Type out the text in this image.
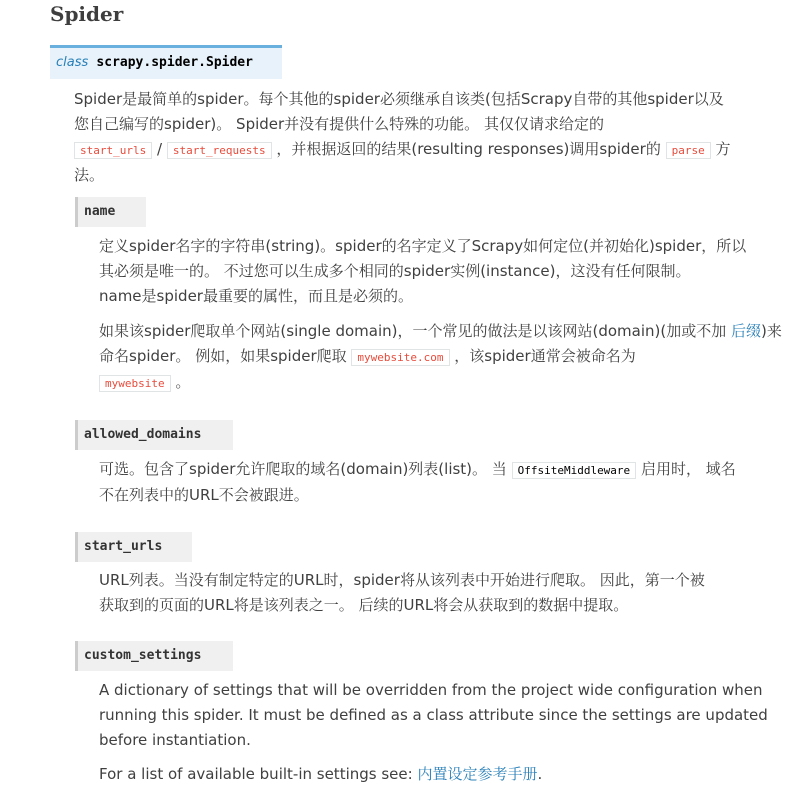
Spider
class scrapy.spider.Spider

Spider是最简单的spider。每个其他的spider必须继承自该类(包括Scrapy自带的其他spider以及
您自己编写的spider)。 Spider并没有提供什么特殊的功能。 其仅仅请求给定的
start_urls / start_requests ，并根据返回的结果(resulting responses)调用spider的 parse 方
法。

name

定义spider名字的字符串(string)。spider的名字定义了Scrapy如何定位(并初始化)spider，所以
其必须是唯一的。 不过您可以生成多个相同的spider实例(instance)，这没有任何限制。
name是spider最重要的属性，而且是必须的。

如果该spider爬取单个网站(single domain)，一个常见的做法是以该网站(domain)(加或不加 后缀)来命名spider。 例如，如果spider爬取 mywebsite.com ，该spider通常会被命名为
mywebsite 。

allowed_domains

可选。包含了spider允许爬取的域名(domain)列表(list)。 当 OffsiteMiddleware 启用时， 域名
不在列表中的URL不会被跟进。

start_urls

URL列表。当没有制定特定的URL时，spider将从该列表中开始进行爬取。 因此，第一个被
获取到的页面的URL将是该列表之一。 后续的URL将会从获取到的数据中提取。

custom_settings

A dictionary of settings that will be overridden from the project wide configuration when
running this spider. It must be defined as a class attribute since the settings are updated
before instantiation.

For a list of available built-in settings see: 内置设定参考手册.
